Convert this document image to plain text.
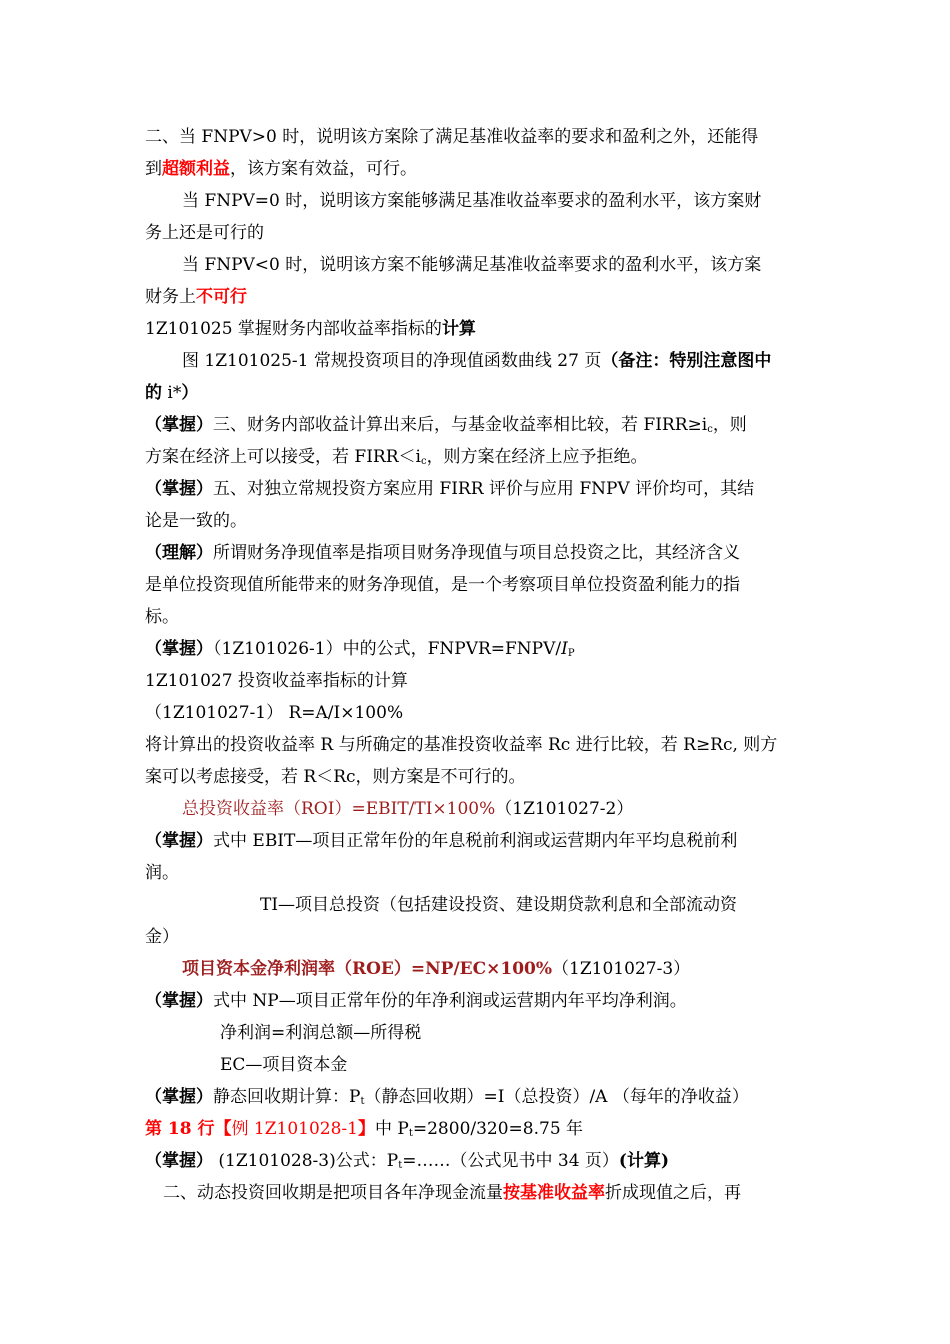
二、当 FNPV>0 时，说明该方案除了满足基准收益率的要求和盈利之外，还能得
到超额利益，该方案有效益，可行。
当 FNPV=0 时，说明该方案能够满足基准收益率要求的盈利水平，该方案财
务上还是可行的
当 FNPV<0 时，说明该方案不能够满足基准收益率要求的盈利水平，该方案
财务上不可行
1Z101025 掌握财务内部收益率指标的计算
图 1Z101025-1 常规投资项目的净现值函数曲线 27 页（备注：特别注意图中
的 i*）
（掌握）三、财务内部收益计算出来后，与基金收益率相比较，若 $FIRR\ge i_c$，则
方案在经济上可以接受，若 $FIRR<i_c$，则方案在经济上应予拒绝。
（掌握）五、对独立常规投资方案应用 FIRR 评价与应用 FNPV 评价均可，其结
论是一致的。
（理解）所谓财务净现值率是指项目财务净现值与项目总投资之比，其经济含义
是单位投资现值所能带来的财务净现值，是一个考察项目单位投资盈利能力的指
标。
（掌握）（1Z101026-1）中的公式，$FNPVR=FNPV/I_P$
1Z101027 投资收益率指标的计算
（1Z101027-1） R=A/I×100%
将计算出的投资收益率 R 与所确定的基准投资收益率 Rc 进行比较，若 R≥Rc, 则方
案可以考虑接受，若 R＜Rc，则方案是不可行的。
总投资收益率（ROI）=EBIT/TI×100%（1Z101027-2）
（掌握）式中 EBIT—项目正常年份的年息税前利润或运营期内年平均息税前利
润。
TI—项目总投资（包括建设投资、建设期贷款利息和全部流动资
金）
项目资本金净利润率（ROE）=NP/EC×100%（1Z101027-3）
（掌握）式中 NP—项目正常年份的年净利润或运营期内年平均净利润。
净利润=利润总额—所得税
EC—项目资本金
（掌握）静态回收期计算：$P_t$（静态回收期）=I（总投资）/A （每年的净收益）
第 18 行【例 1Z101028-1】中 $P_t=2800/320=8.75$ 年
（掌握） (1Z101028-3)公式：$P_t=\dots\dots$（公式见书中 34 页）(计算)
二、动态投资回收期是把项目各年净现金流量按基准收益率折成现值之后，再
